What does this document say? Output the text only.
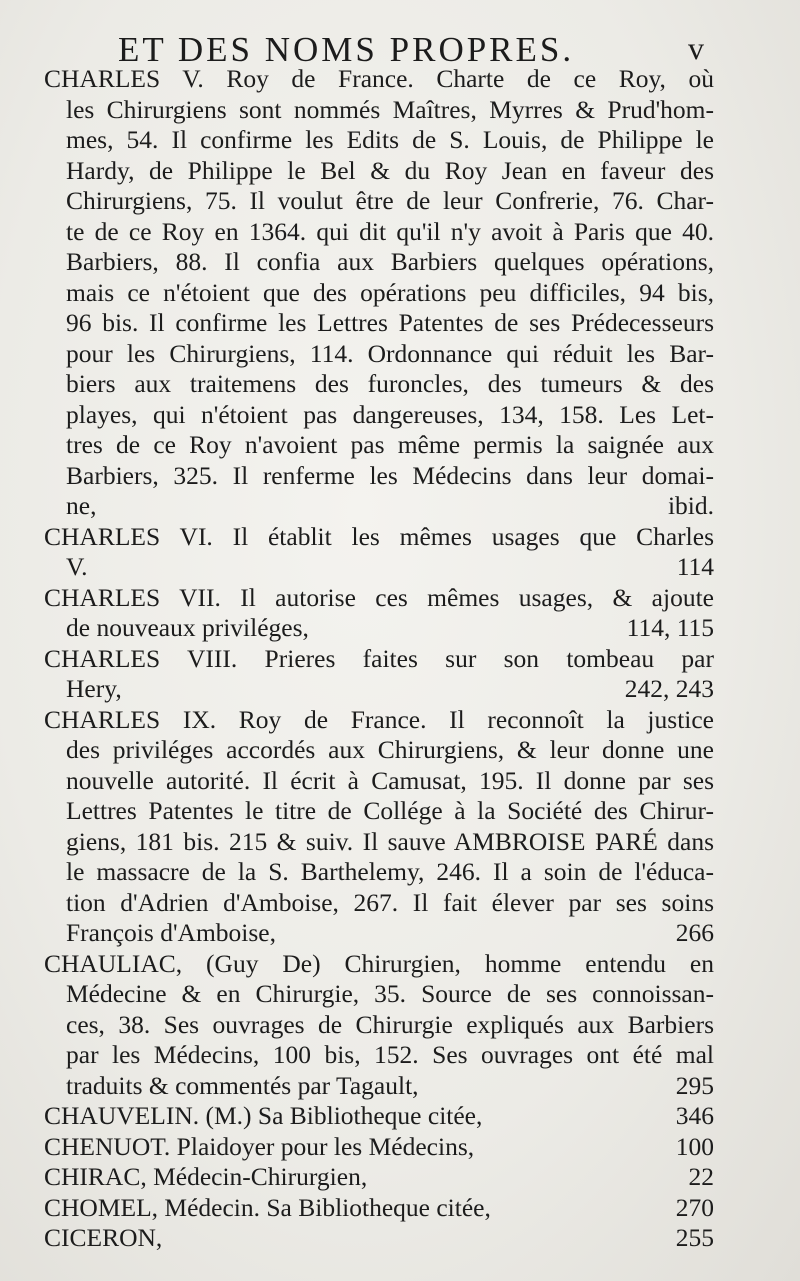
ET DES NOMS PROPRES.	v
CHARLES V. Roy de France. Charte de ce Roy, où
les Chirurgiens sont nommés Maîtres, Myrres & Prud'hom-
mes, 54. Il confirme les Edits de S. Louis, de Philippe le
Hardy, de Philippe le Bel & du Roy Jean en faveur des
Chirurgiens, 75. Il voulut être de leur Confrerie, 76. Char-
te de ce Roy en 1364. qui dit qu'il n'y avoit à Paris que 40.
Barbiers, 88. Il confia aux Barbiers quelques opérations,
mais ce n'étoient que des opérations peu difficiles, 94 bis,
96 bis. Il confirme les Lettres Patentes de ses Prédecesseurs
pour les Chirurgiens, 114. Ordonnance qui réduit les Bar-
biers aux traitemens des furoncles, des tumeurs & des
playes, qui n'étoient pas dangereuses, 134, 158. Les Let-
tres de ce Roy n'avoient pas même permis la saignée aux
Barbiers, 325. Il renferme les Médecins dans leur domai-
ne,	ibid.
CHARLES VI. Il établit les mêmes usages que Charles
V.	114
CHARLES VII. Il autorise ces mêmes usages, & ajoute
de nouveaux priviléges,	114, 115
CHARLES VIII. Prieres faites sur son tombeau par
Hery,	242, 243
CHARLES IX. Roy de France. Il reconnoît la justice
des priviléges accordés aux Chirurgiens, & leur donne une
nouvelle autorité. Il écrit à Camusat, 195. Il donne par ses
Lettres Patentes le titre de Collége à la Société des Chirur-
giens, 181 bis. 215 & suiv. Il sauve AMBROISE PARÉ dans
le massacre de la S. Barthelemy, 246. Il a soin de l'éduca-
tion d'Adrien d'Amboise, 267. Il fait élever par ses soins
François d'Amboise,	266
CHAULIAC, (Guy De) Chirurgien, homme entendu en
Médecine & en Chirurgie, 35. Source de ses connoissan-
ces, 38. Ses ouvrages de Chirurgie expliqués aux Barbiers
par les Médecins, 100 bis, 152. Ses ouvrages ont été mal
traduits & commentés par Tagault,	295
CHAUVELIN. (M.) Sa Bibliotheque citée,	346
CHENUOT. Plaidoyer pour les Médecins,	100
CHIRAC, Médecin-Chirurgien,	22
CHOMEL, Médecin. Sa Bibliotheque citée,	270
CICERON,	255
